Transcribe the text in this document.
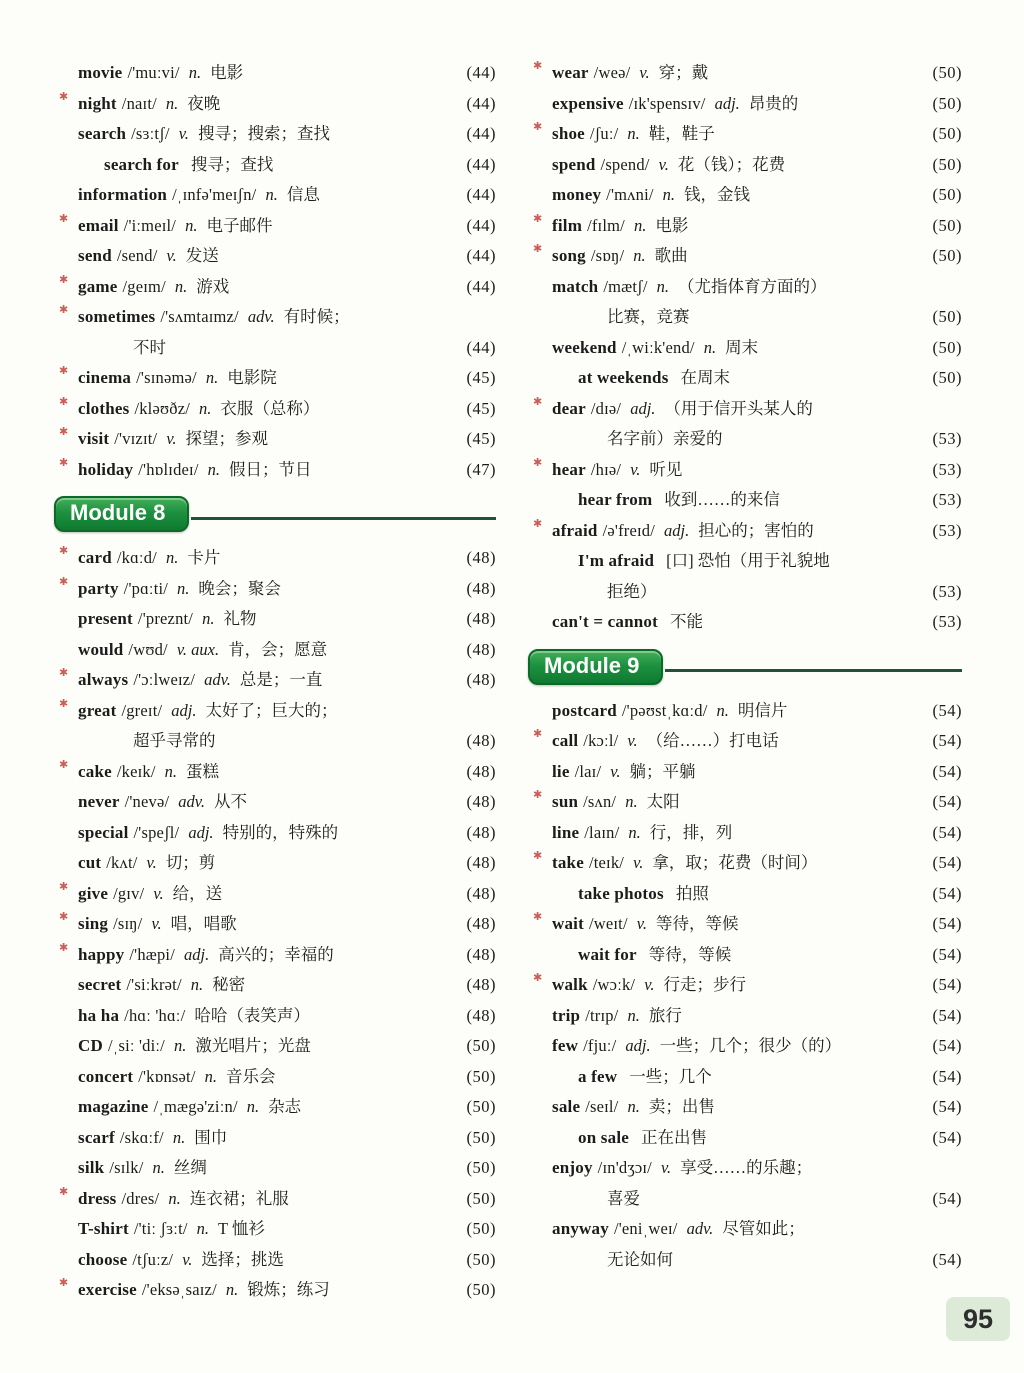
movie /'muːvi/ n. 电影	(44)
✱ night /naɪt/ n. 夜晚	(44)
search /sɜːtʃ/ v. 搜寻；搜索；查找	(44)
search for 搜寻；查找	(44)
information /ˌɪnfə'meɪʃn/ n. 信息	(44)
✱ email /'iːmeɪl/ n. 电子邮件	(44)
send /send/ v. 发送	(44)
✱ game /geɪm/ n. 游戏	(44)
✱ sometimes /'sʌmtaɪmz/ adv. 有时候；
不时	(44)
✱ cinema /'sɪnəmə/ n. 电影院	(45)
✱ clothes /kləʊðz/ n. 衣服（总称）	(45)
✱ visit /'vɪzɪt/ v. 探望；参观	(45)
✱ holiday /'hɒlɪdeɪ/ n. 假日；节日	(47)
Module 8
✱ card /kɑːd/ n. 卡片	(48)
✱ party /'pɑːti/ n. 晚会；聚会	(48)
present /'preznt/ n. 礼物	(48)
would /wʊd/ v. aux. 肯，会；愿意	(48)
✱ always /'ɔːlweɪz/ adv. 总是；一直	(48)
✱ great /greɪt/ adj. 太好了；巨大的；
超乎寻常的	(48)
✱ cake /keɪk/ n. 蛋糕	(48)
never /'nevə/ adv. 从不	(48)
special /'speʃl/ adj. 特别的，特殊的	(48)
cut /kʌt/ v. 切；剪	(48)
✱ give /gɪv/ v. 给，送	(48)
✱ sing /sɪŋ/ v. 唱，唱歌	(48)
✱ happy /'hæpi/ adj. 高兴的；幸福的	(48)
secret /'siːkrət/ n. 秘密	(48)
ha ha /hɑː 'hɑː/ 哈哈（表笑声）	(48)
CD /ˌsiː 'diː/ n. 激光唱片；光盘	(50)
concert /'kɒnsət/ n. 音乐会	(50)
magazine /ˌmægə'ziːn/ n. 杂志	(50)
scarf /skɑːf/ n. 围巾	(50)
silk /sɪlk/ n. 丝绸	(50)
✱ dress /dres/ n. 连衣裙；礼服	(50)
T-shirt /'tiː ʃɜːt/ n. T 恤衫	(50)
choose /tʃuːz/ v. 选择；挑选	(50)
✱ exercise /'eksəˌsaɪz/ n. 锻炼；练习	(50)
✱ wear /weə/ v. 穿；戴	(50)
expensive /ɪk'spensɪv/ adj. 昂贵的	(50)
✱ shoe /ʃuː/ n. 鞋，鞋子	(50)
spend /spend/ v. 花（钱）；花费	(50)
money /'mʌni/ n. 钱，金钱	(50)
✱ film /fɪlm/ n. 电影	(50)
✱ song /sɒŋ/ n. 歌曲	(50)
match /mætʃ/ n. （尤指体育方面的）
比赛，竞赛	(50)
weekend /ˌwiːk'end/ n. 周末	(50)
at weekends 在周末	(50)
✱ dear /dɪə/ adj. （用于信开头某人的
名字前）亲爱的	(53)
✱ hear /hɪə/ v. 听见	(53)
hear from 收到……的来信	(53)
✱ afraid /ə'freɪd/ adj. 担心的；害怕的	(53)
I'm afraid [口] 恐怕（用于礼貌地
拒绝）	(53)
can't = cannot 不能	(53)
Module 9
postcard /'pəʊstˌkɑːd/ n. 明信片	(54)
✱ call /kɔːl/ v. （给……）打电话	(54)
lie /laɪ/ v. 躺；平躺	(54)
✱ sun /sʌn/ n. 太阳	(54)
line /laɪn/ n. 行，排，列	(54)
✱ take /teɪk/ v. 拿，取；花费（时间）	(54)
take photos 拍照	(54)
✱ wait /weɪt/ v. 等待，等候	(54)
wait for 等待，等候	(54)
✱ walk /wɔːk/ v. 行走；步行	(54)
trip /trɪp/ n. 旅行	(54)
few /fjuː/ adj. 一些；几个；很少（的）	(54)
a few 一些；几个	(54)
sale /seɪl/ n. 卖；出售	(54)
on sale 正在出售	(54)
enjoy /ɪn'dʒɔɪ/ v. 享受……的乐趣；
喜爱	(54)
anyway /'eniˌweɪ/ adv. 尽管如此；
无论如何	(54)
95
